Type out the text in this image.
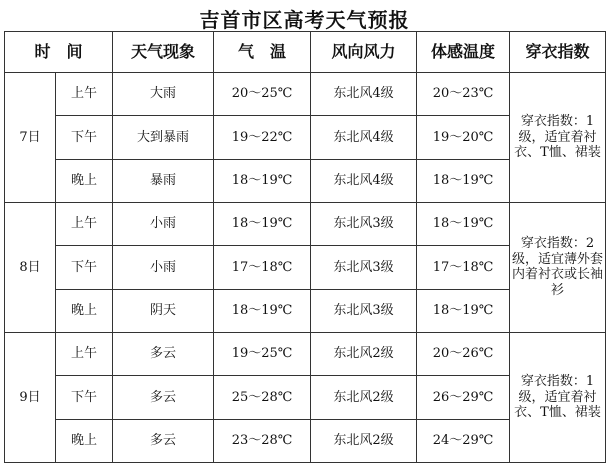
吉首市区高考天气预报
时　间		天气现象	气　温	风向风力	体感温度	穿衣指数
7日	上午	大雨	20～25℃	东北风4级	20～23℃	穿衣指数：1级，适宜着衬衣、T恤、裙装
	下午	大到暴雨	19～22℃	东北风4级	19～20℃	
	晚上	暴雨	18～19℃	东北风4级	18～19℃	
8日	上午	小雨	18～19℃	东北风3级	18～19℃	穿衣指数：2级，适宜薄外套内着衬衣或长袖衫
	下午	小雨	17～18℃	东北风3级	17～18℃	
	晚上	阴天	18～19℃	东北风3级	18～19℃	
9日	上午	多云	19～25℃	东北风2级	20～26℃	穿衣指数：1级，适宜着衬衣、T恤、裙装
	下午	多云	25～28℃	东北风2级	26～29℃	
	晚上	多云	23～28℃	东北风2级	24～29℃	
